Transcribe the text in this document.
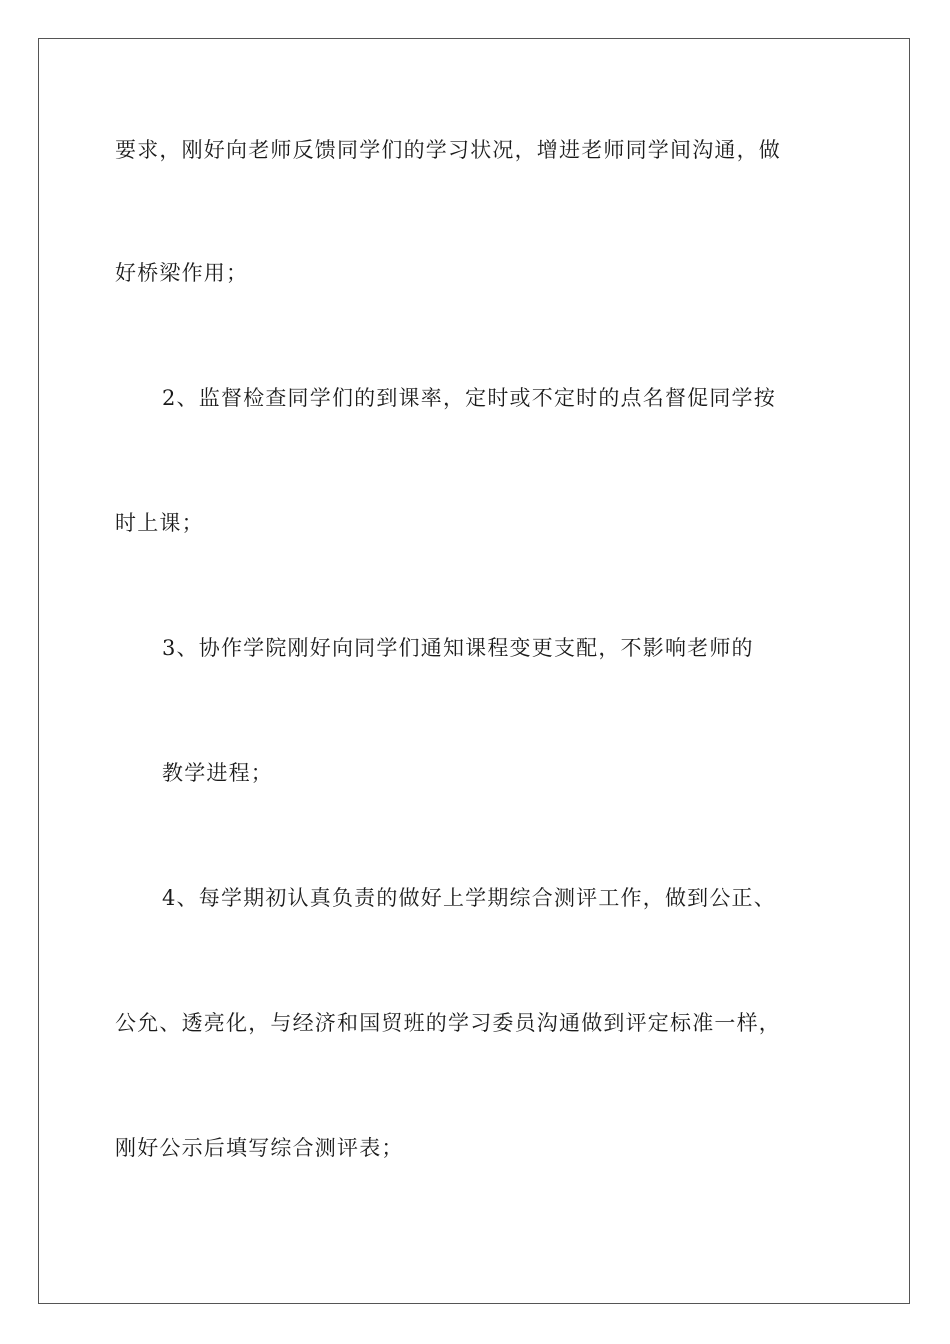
要求，刚好向老师反馈同学们的学习状况，增进老师同学间沟通，做
好桥梁作用；
2、监督检查同学们的到课率，定时或不定时的点名督促同学按
时上课；
3、协作学院刚好向同学们通知课程变更支配，不影响老师的
教学进程；
4、每学期初认真负责的做好上学期综合测评工作，做到公正、
公允、透亮化，与经济和国贸班的学习委员沟通做到评定标准一样，
刚好公示后填写综合测评表；
